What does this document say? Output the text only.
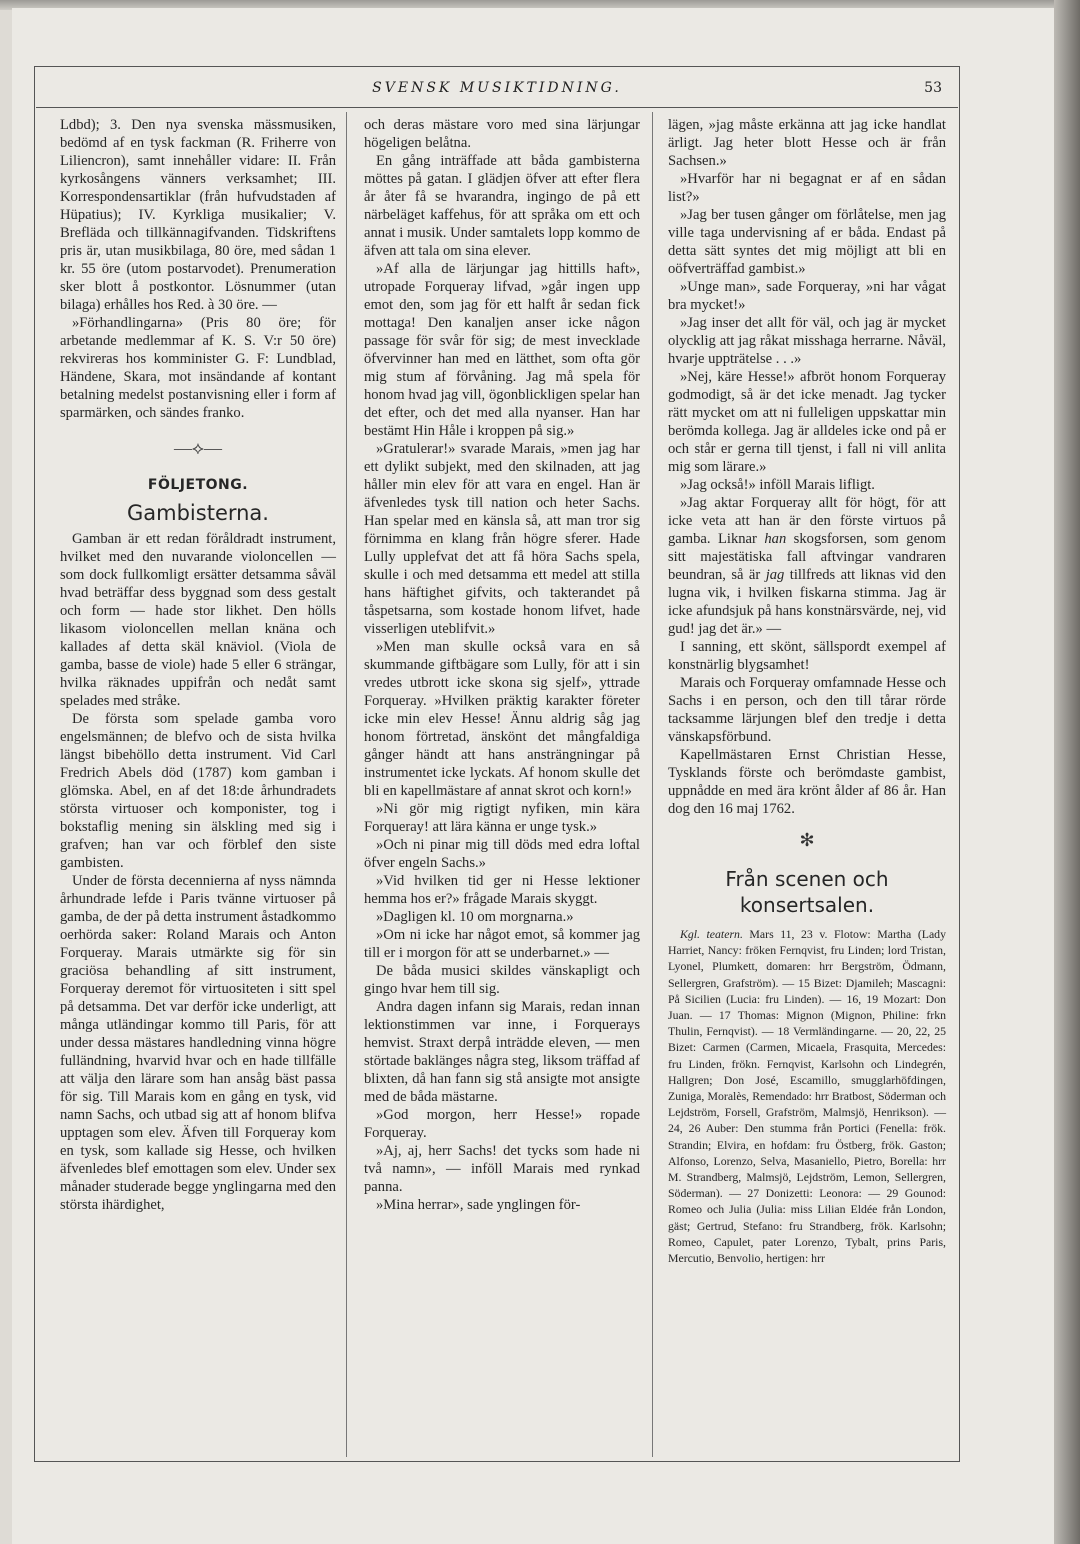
SVENSK MUSIKTIDNING.	53

Ldbd); 3. Den nya svenska mässmusiken, bedömd af en tysk fackman (R. Friherre von Liliencron), samt innehåller vidare: II. Från kyrkosångens vänners verksamhet; III. Korrespondensartiklar (från hufvudstaden af Hüpatius); IV. Kyrkliga musikalier; V. Brefläda och tillkännagifvanden. Tidskriftens pris är, utan musikbilaga, 80 öre, med sådan 1 kr. 55 öre (utom postarvodet). Prenumeration sker blott å postkontor. Lösnummer (utan bilaga) erhålles hos Red. à 30 öre. —

»Förhandlingarna» (Pris 80 öre; för arbetande medlemmar af K. S. V:r 50 öre) rekvireras hos komminister G. F: Lundblad, Händene, Skara, mot insändande af kontant betalning medelst postanvisning eller i form af sparmärken, och sändes franko.

—⟡—
FÖLJETONG.
Gambisterna.

Gamban är ett redan föråldradt instrument, hvilket med den nuvarande violoncellen — som dock fullkomligt ersätter detsamma såväl hvad beträffar dess byggnad som dess gestalt och form — hade stor likhet. Den hölls likasom violoncellen mellan knäna och kallades af detta skäl knäviol. (Viola de gamba, basse de viole) hade 5 eller 6 strängar, hvilka räknades uppifrån och nedåt samt spelades med stråke.

De första som spelade gamba voro engelsmännen; de blefvo och de sista hvilka längst bibehöllo detta instrument. Vid Carl Fredrich Abels död (1787) kom gamban i glömska. Abel, en af det 18:de århundradets största virtuoser och komponister, tog i bokstaflig mening sin älskling med sig i grafven; han var och förblef den siste gambisten.

Under de första decennierna af nyss nämnda århundrade lefde i Paris tvänne virtuoser på gamba, de der på detta instrument åstadkommo oerhörda saker: Roland Marais och Anton Forqueray. Marais utmärkte sig för sin graciösa behandling af sitt instrument, Forqueray deremot för virtuositeten i sitt spel på detsamma. Det var derför icke underligt, att många utländingar kommo till Paris, för att under dessa mästares handledning vinna högre fulländning, hvarvid hvar och en hade tillfälle att välja den lärare som han ansåg bäst passa för sig. Till Marais kom en gång en tysk, vid namn Sachs, och utbad sig att af honom blifva upptagen som elev. Äfven till Forqueray kom en tysk, som kallade sig Hesse, och hvilken äfvenledes blef emottagen som elev. Under sex månader studerade begge ynglingarna med den största ihärdighet,

och deras mästare voro med sina lärjungar högeligen belåtna.

En gång inträffade att båda gambisterna möttes på gatan. I glädjen öfver att efter flera år åter få se hvarandra, ingingo de på ett närbeläget kaffehus, för att språka om ett och annat i musik. Under samtalets lopp kommo de äfven att tala om sina elever.

»Af alla de lärjungar jag hittills haft», utropade Forqueray lifvad, »går ingen upp emot den, som jag för ett halft år sedan fick mottaga! Den kanaljen anser icke någon passage för svår för sig; de mest invecklade öfvervinner han med en lätthet, som ofta gör mig stum af förvåning. Jag må spela för honom hvad jag vill, ögonblickligen spelar han det efter, och det med alla nyanser. Han har bestämt Hin Håle i kroppen på sig.»

»Gratulerar!» svarade Marais, »men jag har ett dylikt subjekt, med den skilnaden, att jag håller min elev för att vara en engel. Han är äfvenledes tysk till nation och heter Sachs. Han spelar med en känsla så, att man tror sig förnimma en klang från högre sferer. Hade Lully upplefvat det att få höra Sachs spela, skulle i och med detsamma ett medel att stilla hans häftighet gifvits, och takterandet på tåspetsarna, som kostade honom lifvet, hade visserligen uteblifvit.»

»Men man skulle också vara en så skummande giftbägare som Lully, för att i sin vredes utbrott icke skona sig sjelf», yttrade Forqueray. »Hvilken präktig karakter företer icke min elev Hesse! Ännu aldrig såg jag honom förtretad, änskönt det mångfaldiga gånger händt att hans ansträngningar på instrumentet icke lyckats. Af honom skulle det bli en kapellmästare af annat skrot och korn!»

»Ni gör mig rigtigt nyfiken, min kära Forqueray! att lära känna er unge tysk.»

»Och ni pinar mig till döds med edra loftal öfver engeln Sachs.»

»Vid hvilken tid ger ni Hesse lektioner hemma hos er?» frågade Marais skyggt.

»Dagligen kl. 10 om morgnarna.»

»Om ni icke har något emot, så kommer jag till er i morgon för att se underbarnet.» —

De båda musici skildes vänskapligt och gingo hvar hem till sig.

Andra dagen infann sig Marais, redan innan lektionstimmen var inne, i Forquerays hemvist. Straxt derpå inträdde eleven, — men störtade baklänges några steg, liksom träffad af blixten, då han fann sig stå ansigte mot ansigte med de båda mästarne.

»God morgon, herr Hesse!» ropade Forqueray.

»Aj, aj, herr Sachs! det tycks som hade ni två namn», — inföll Marais med rynkad panna.

»Mina herrar», sade ynglingen för-

lägen, »jag måste erkänna att jag icke handlat ärligt. Jag heter blott Hesse och är från Sachsen.»

»Hvarför har ni begagnat er af en sådan list?»

»Jag ber tusen gånger om förlåtelse, men jag ville taga undervisning af er båda. Endast på detta sätt syntes det mig möjligt att bli en oöfverträffad gambist.»

»Unge man», sade Forqueray, »ni har vågat bra mycket!»

»Jag inser det allt för väl, och jag är mycket olycklig att jag råkat misshaga herrarne. Nåväl, hvarje uppträtelse . . .»

»Nej, käre Hesse!» afbröt honom Forqueray godmodigt, så är det icke menadt. Jag tycker rätt mycket om att ni fulleligen uppskattar min berömda kollega. Jag är alldeles icke ond på er och står er gerna till tjenst, i fall ni vill anlita mig som lärare.»

»Jag också!» inföll Marais lifligt.

»Jag aktar Forqueray allt för högt, för att icke veta att han är den förste virtuos på gamba. Liknar han skogsforsen, som genom sitt majestätiska fall aftvingar vandraren beundran, så är jag tillfreds att liknas vid den lugna vik, i hvilken fiskarna stimma. Jag är icke afundsjuk på hans konstnärsvärde, nej, vid gud! jag det är.» —

I sanning, ett skönt, sällspordt exempel af konstnärlig blygsamhet!

Marais och Forqueray omfamnade Hesse och Sachs i en person, och den till tårar rörde tacksamme lärjungen blef den tredje i detta vänskapsförbund.

Kapellmästaren Ernst Christian Hesse, Tysklands förste och berömdaste gambist, uppnådde en med ära krönt ålder af 86 år. Han dog den 16 maj 1762.

✻
Från scenen och konsertsalen.

Kgl. teatern. Mars 11, 23 v. Flotow: Martha (Lady Harriet, Nancy: fröken Fernqvist, fru Linden; lord Tristan, Lyonel, Plumkett, domaren: hrr Bergström, Ödmann, Sellergren, Grafström). — 15 Bizet: Djamileh; Mascagni: På Sicilien (Lucia: fru Linden). — 16, 19 Mozart: Don Juan. — 17 Thomas: Mignon (Mignon, Philine: frkn Thulin, Fernqvist). — 18 Vermländingarne. — 20, 22, 25 Bizet: Carmen (Carmen, Micaela, Frasquita, Mercedes: fru Linden, frökn. Fernqvist, Karlsohn och Lindegrén, Hallgren; Don José, Escamillo, smugglarhöfdingen, Zuniga, Moralès, Remendado: hrr Bratbost, Söderman och Lejdström, Forsell, Grafström, Malmsjö, Henrikson). — 24, 26 Auber: Den stumma från Portici (Fenella: frök. Strandin; Elvira, en hofdam: fru Östberg, frök. Gaston; Alfonso, Lorenzo, Selva, Masaniello, Pietro, Borella: hrr M. Strandberg, Malmsjö, Lejdström, Lemon, Sellergren, Söderman). — 27 Donizetti: Leonora: — 29 Gounod: Romeo och Julia (Julia: miss Lilian Eldée från London, gäst; Gertrud, Stefano: fru Strandberg, frök. Karlsohn; Romeo, Capulet, pater Lorenzo, Tybalt, prins Paris, Mercutio, Benvolio, hertigen: hrr
